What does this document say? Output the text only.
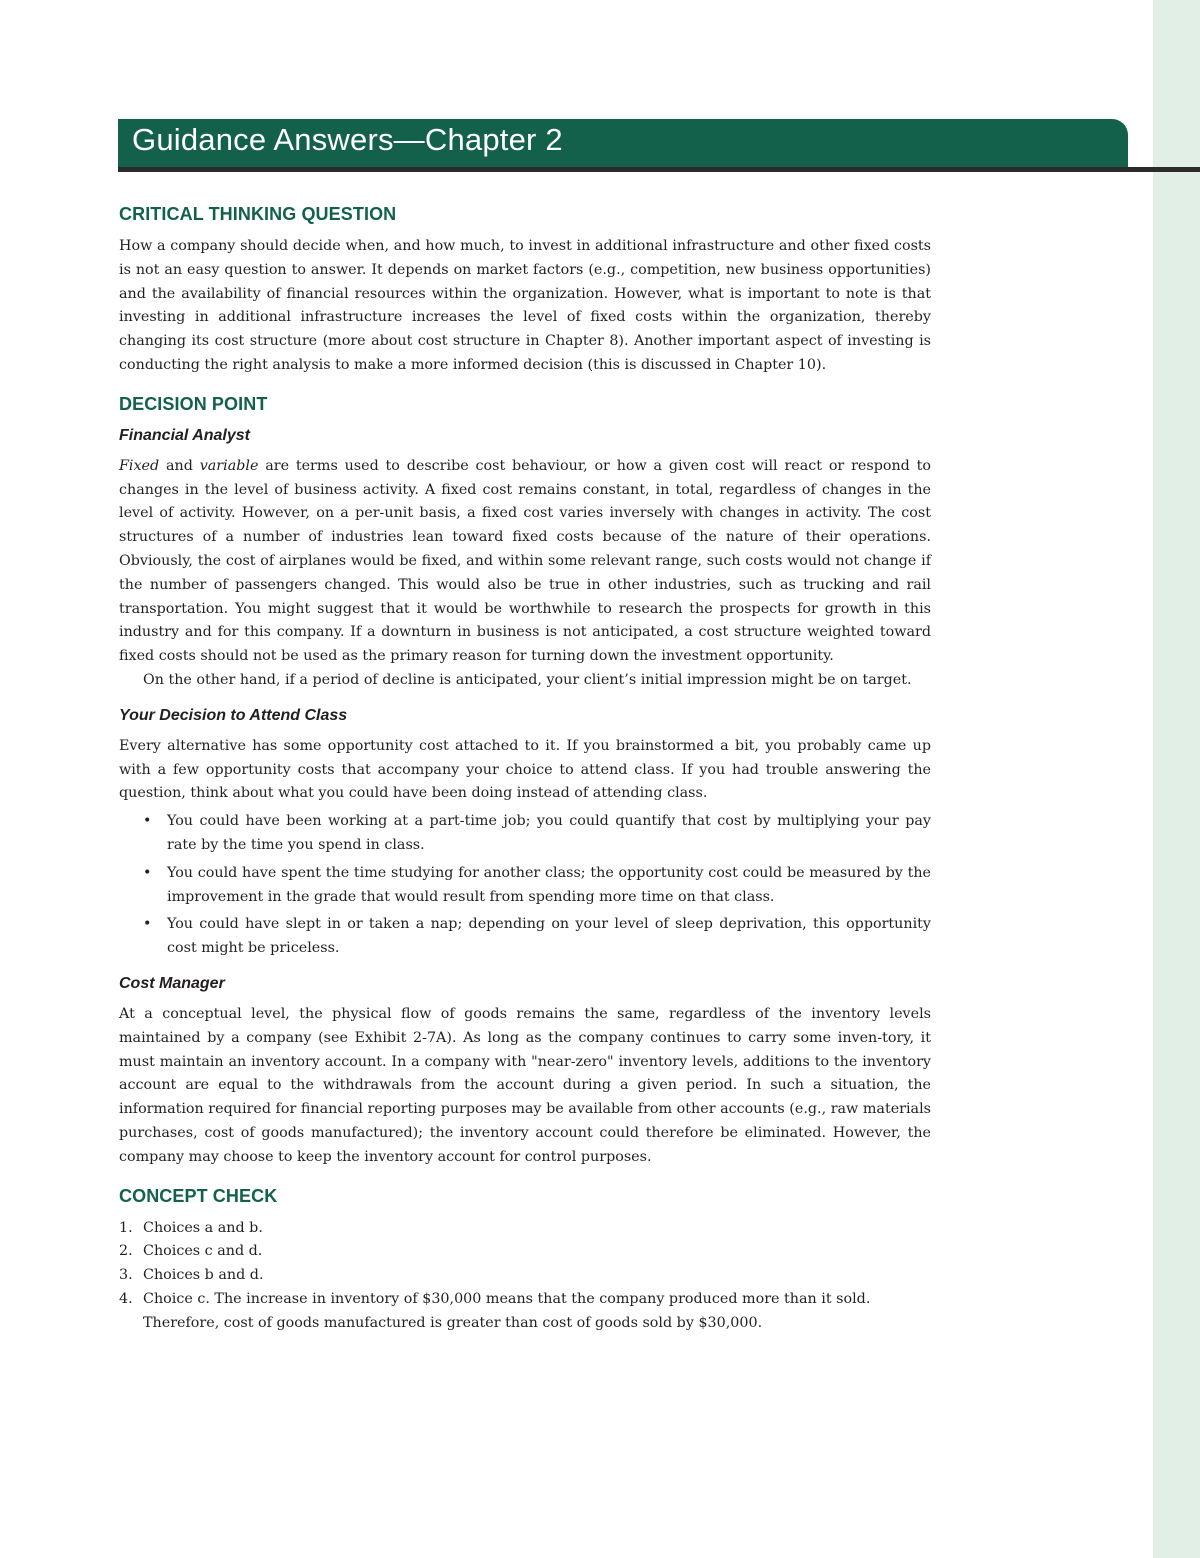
Guidance Answers—Chapter 2
CRITICAL THINKING QUESTION

How a company should decide when, and how much, to invest in additional infrastructure and other fixed costs is not an easy question to answer. It depends on market factors (e.g., competition, new business opportunities) and the availability of financial resources within the organization. However, what is important to note is that investing in additional infrastructure increases the level of fixed costs within the organization, thereby changing its cost structure (more about cost structure in Chapter 8). Another important aspect of investing is conducting the right analysis to make a more informed decision (this is discussed in Chapter 10).

DECISION POINT
Financial Analyst

Fixed and variable are terms used to describe cost behaviour, or how a given cost will react or respond to changes in the level of business activity. A fixed cost remains constant, in total, regardless of changes in the level of activity. However, on a per-unit basis, a fixed cost varies inversely with changes in activity. The cost structures of a number of industries lean toward fixed costs because of the nature of their operations. Obviously, the cost of airplanes would be fixed, and within some relevant range, such costs would not change if the number of passengers changed. This would also be true in other industries, such as trucking and rail transportation. You might suggest that it would be worthwhile to research the prospects for growth in this industry and for this company. If a downturn in business is not anticipated, a cost structure weighted toward fixed costs should not be used as the primary reason for turning down the investment opportunity.

On the other hand, if a period of decline is anticipated, your client’s initial impression might be on target.

Your Decision to Attend Class

Every alternative has some opportunity cost attached to it. If you brainstormed a bit, you probably came up with a few opportunity costs that accompany your choice to attend class. If you had trouble answering the question, think about what you could have been doing instead of attending class.

• You could have been working at a part-time job; you could quantify that cost by multiplying your pay rate by the time you spend in class.
• You could have spent the time studying for another class; the opportunity cost could be measured by the improvement in the grade that would result from spending more time on that class.
• You could have slept in or taken a nap; depending on your level of sleep deprivation, this opportunity cost might be priceless.
Cost Manager

At a conceptual level, the physical flow of goods remains the same, regardless of the inventory levels maintained by a company (see Exhibit 2-7A). As long as the company continues to carry some inven-tory, it must maintain an inventory account. In a company with "near-zero" inventory levels, additions to the inventory account are equal to the withdrawals from the account during a given period. In such a situation, the information required for financial reporting purposes may be available from other accounts (e.g., raw materials purchases, cost of goods manufactured); the inventory account could therefore be eliminated. However, the company may choose to keep the inventory account for control purposes.

CONCEPT CHECK
1. Choices a and b.
2. Choices c and d.
3. Choices b and d.
4. Choice c. The increase in inventory of $30,000 means that the company produced more than it sold. Therefore, cost of goods manufactured is greater than cost of goods sold by $30,000.
